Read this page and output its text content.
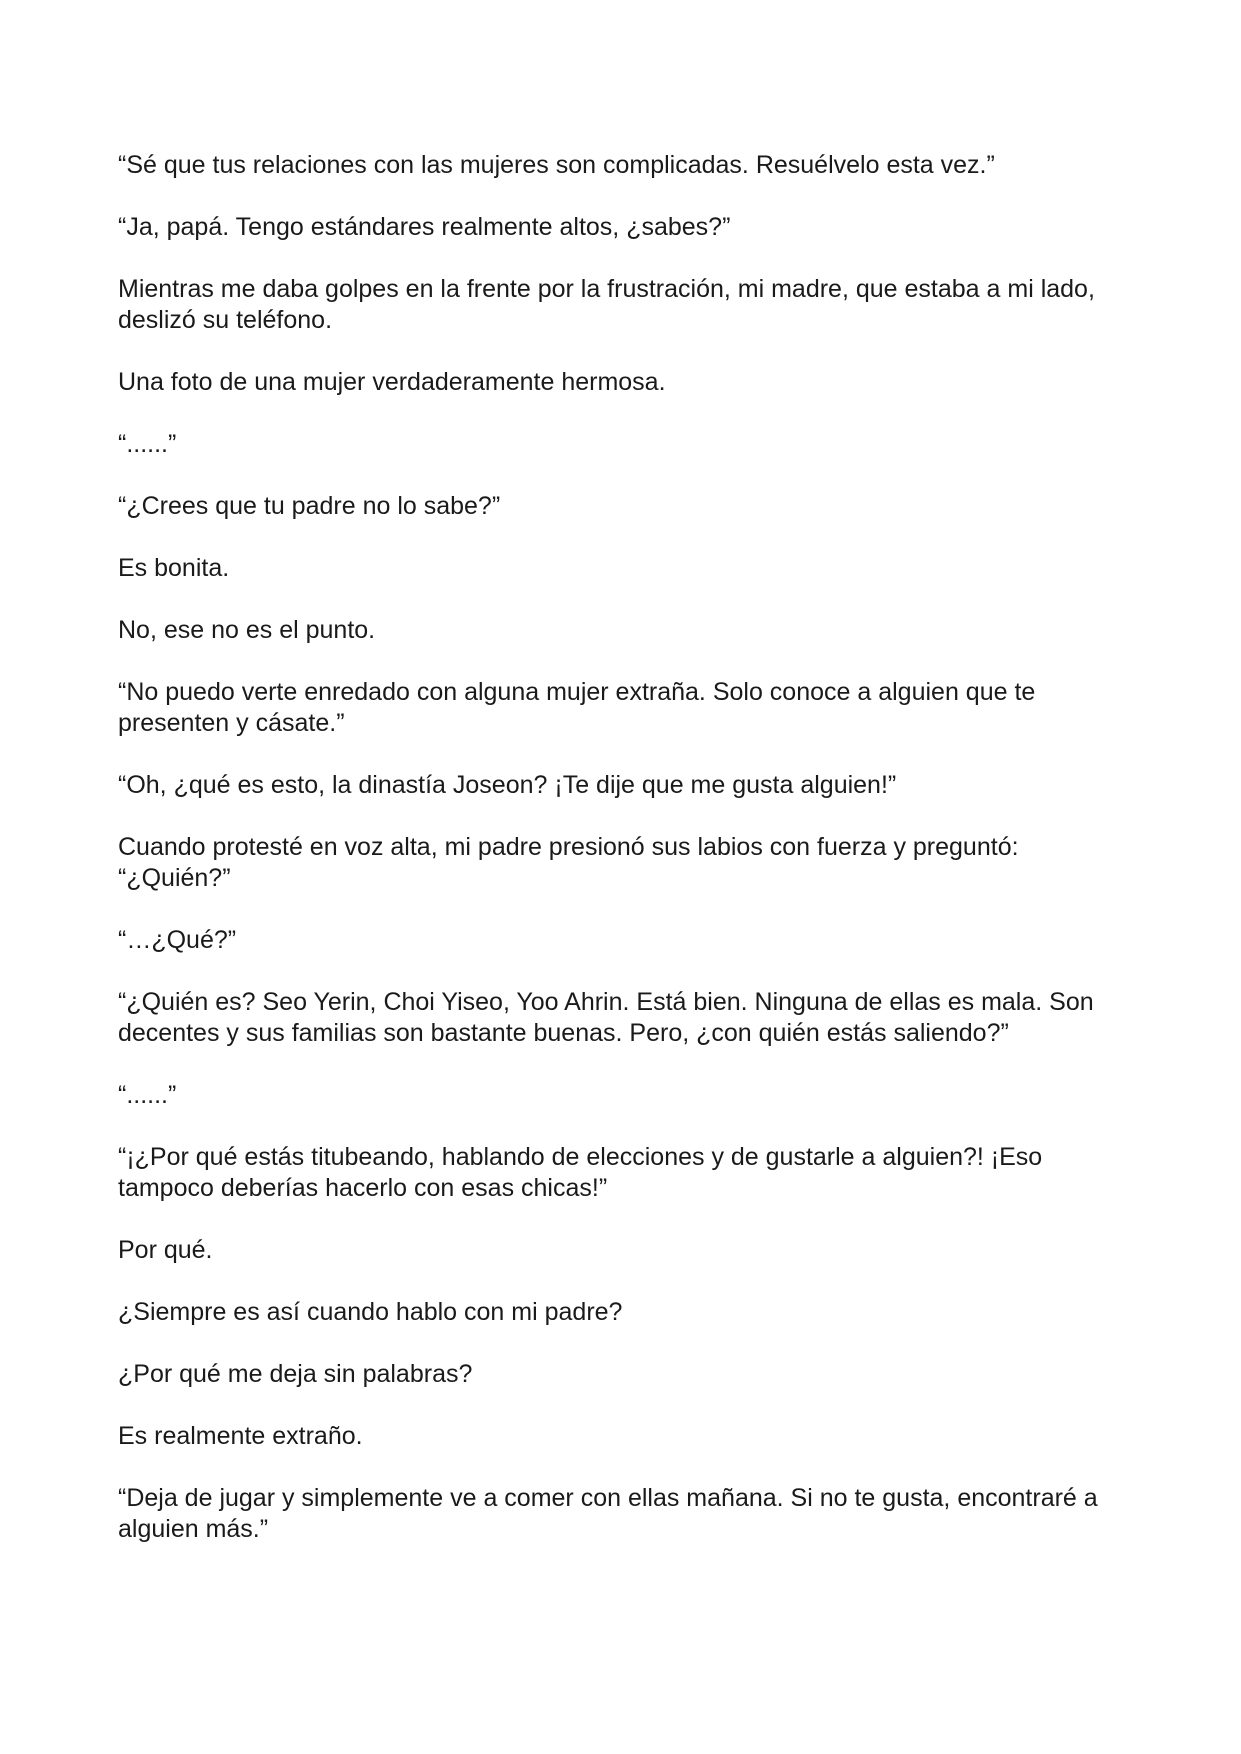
“Sé que tus relaciones con las mujeres son complicadas. Resuélvelo esta vez.”

“Ja, papá. Tengo estándares realmente altos, ¿sabes?”

Mientras me daba golpes en la frente por la frustración, mi madre, que estaba a mi lado, deslizó su teléfono.

Una foto de una mujer verdaderamente hermosa.

“......”

“¿Crees que tu padre no lo sabe?”

Es bonita.

No, ese no es el punto.

“No puedo verte enredado con alguna mujer extraña. Solo conoce a alguien que te presenten y cásate.”

“Oh, ¿qué es esto, la dinastía Joseon? ¡Te dije que me gusta alguien!”

Cuando protesté en voz alta, mi padre presionó sus labios con fuerza y preguntó: “¿Quién?”

“…¿Qué?”

“¿Quién es? Seo Yerin, Choi Yiseo, Yoo Ahrin. Está bien. Ninguna de ellas es mala. Son decentes y sus familias son bastante buenas. Pero, ¿con quién estás saliendo?”

“......”

“¡¿Por qué estás titubeando, hablando de elecciones y de gustarle a alguien?! ¡Eso tampoco deberías hacerlo con esas chicas!”

Por qué.

¿Siempre es así cuando hablo con mi padre?

¿Por qué me deja sin palabras?

Es realmente extraño.

“Deja de jugar y simplemente ve a comer con ellas mañana. Si no te gusta, encontraré a alguien más.”
